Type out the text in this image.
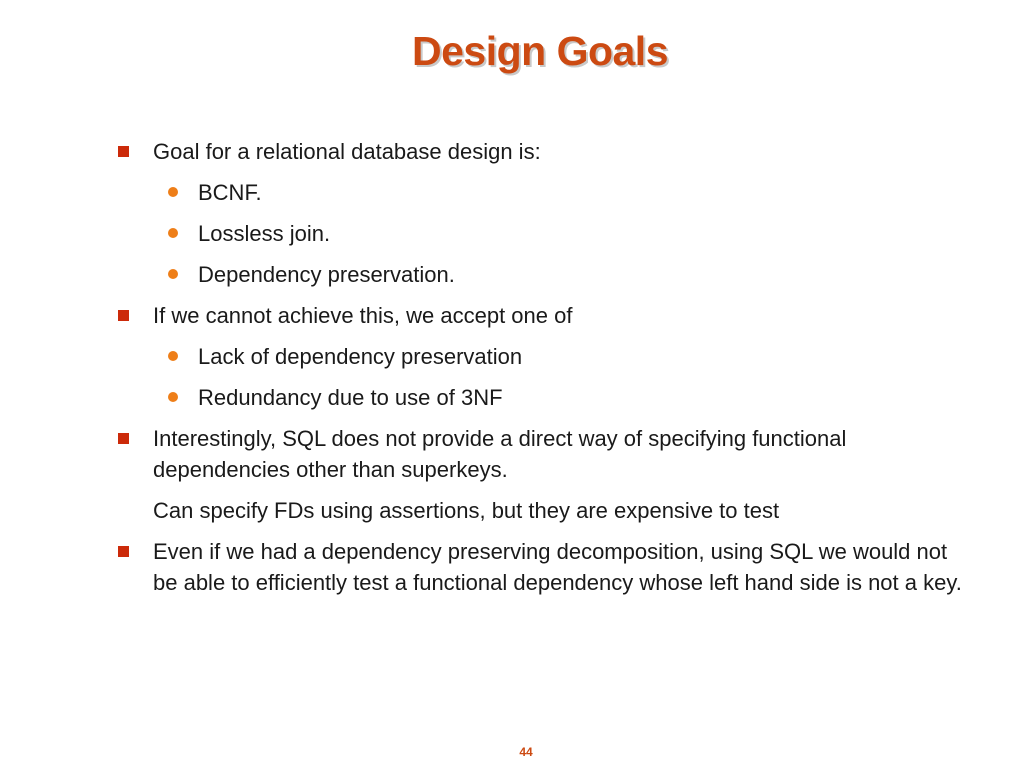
Design Goals
Goal for a relational database design is:
BCNF.
Lossless join.
Dependency preservation.
If we cannot achieve this, we accept one of
Lack of dependency preservation
Redundancy due to use of 3NF
Interestingly, SQL does not provide a direct way of specifying functional dependencies other than superkeys.
Can specify FDs using assertions, but they are expensive to test
Even if we had a dependency preserving decomposition, using SQL we would not be able to efficiently test a functional dependency whose left hand side is not a key.
44
